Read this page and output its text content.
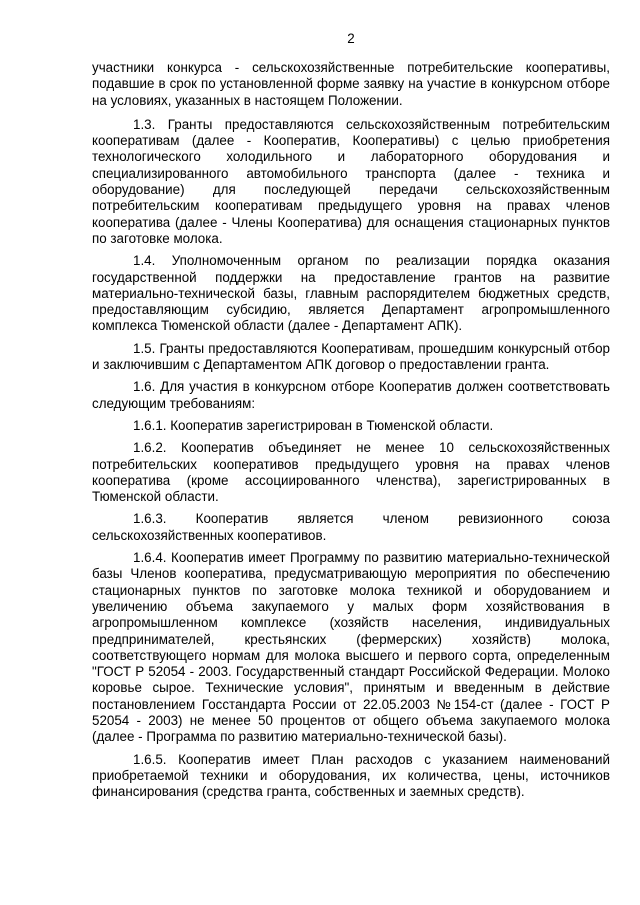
2

участники конкурса - сельскохозяйственные потребительские кооперативы, подавшие в срок по установленной форме заявку на участие в конкурсном отборе на условиях, указанных в настоящем Положении.

1.3. Гранты предоставляются сельскохозяйственным потребительским кооперативам (далее - Кооператив, Кооперативы) с целью приобретения технологического холодильного и лабораторного оборудования и специализированного автомобильного транспорта (далее - техника и оборудование) для последующей передачи сельскохозяйственным потребительским кооперативам предыдущего уровня на правах членов кооператива (далее - Члены Кооператива) для оснащения стационарных пунктов по заготовке молока.

1.4. Уполномоченным органом по реализации порядка оказания государственной поддержки на предоставление грантов на развитие материально-технической базы, главным распорядителем бюджетных средств, предоставляющим субсидию, является Департамент агропромышленного комплекса Тюменской области (далее - Департамент АПК).

1.5. Гранты предоставляются Кооперативам, прошедшим конкурсный отбор и заключившим с Департаментом АПК договор о предоставлении гранта.

1.6. Для участия в конкурсном отборе Кооператив должен соответствовать следующим требованиям:

1.6.1. Кооператив зарегистрирован в Тюменской области.

1.6.2. Кооператив объединяет не менее 10 сельскохозяйственных потребительских кооперативов предыдущего уровня на правах членов кооператива (кроме ассоциированного членства), зарегистрированных в Тюменской области.

1.6.3. Кооператив является членом ревизионного союза сельскохозяйственных кооперативов.

1.6.4. Кооператив имеет Программу по развитию материально-технической базы Членов кооператива, предусматривающую мероприятия по обеспечению стационарных пунктов по заготовке молока техникой и оборудованием и увеличению объема закупаемого у малых форм хозяйствования в агропромышленном комплексе (хозяйств населения, индивидуальных предпринимателей, крестьянских (фермерских) хозяйств) молока, соответствующего нормам для молока высшего и первого сорта, определенным "ГОСТ Р 52054 - 2003. Государственный стандарт Российской Федерации. Молоко коровье сырое. Технические условия", принятым и введенным в действие постановлением Госстандарта России от 22.05.2003 №154-ст (далее - ГОСТ Р 52054 - 2003) не менее 50 процентов от общего объема закупаемого молока (далее - Программа по развитию материально-технической базы).

1.6.5. Кооператив имеет План расходов с указанием наименований приобретаемой техники и оборудования, их количества, цены, источников финансирования (средства гранта, собственных и заемных средств).
